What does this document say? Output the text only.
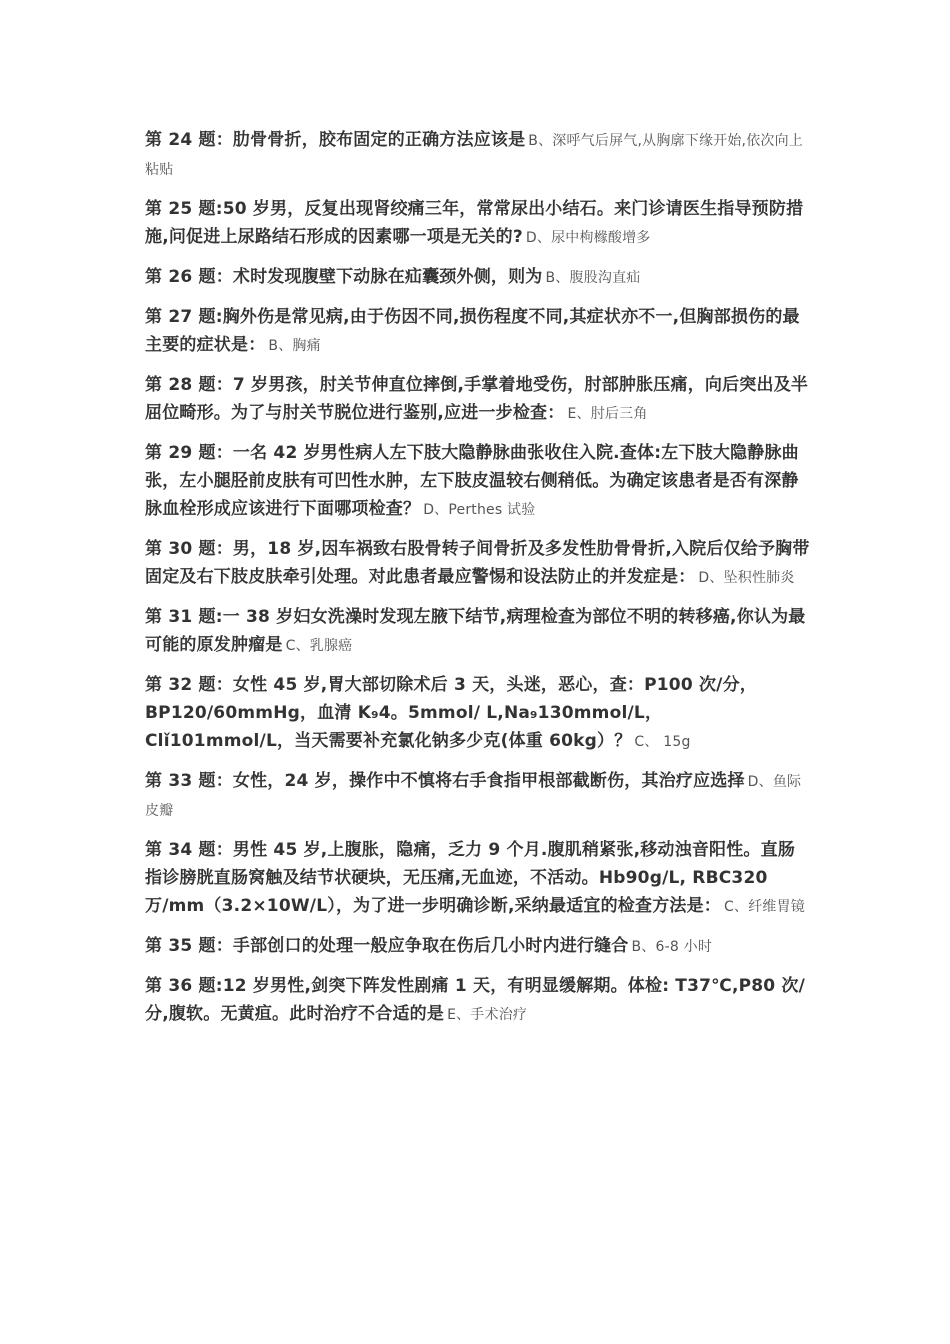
第 24 题：肋骨骨折，胶布固定的正确方法应该是 B、深呼气后屏气,从胸廓下缘开始,依次向上粘贴

第 25 题:50 岁男，反复出现肾绞痛三年，常常尿出小结石。来门诊请医生指导预防措施,问促进上尿路结石形成的因素哪一项是无关的? D、尿中枸橼酸增多

第 26 题：术时发现腹壁下动脉在疝囊颈外侧，则为 B、腹股沟直疝

第 27 题:胸外伤是常见病,由于伤因不同,损伤程度不同,其症状亦不一,但胸部损伤的最主要的症状是： B、胸痛

第 28 题：7 岁男孩，肘关节伸直位摔倒,手掌着地受伤，肘部肿胀压痛，向后突出及半屈位畸形。为了与肘关节脱位进行鉴别,应进一步检查： E、肘后三角

第 29 题：一名 42 岁男性病人左下肢大隐静脉曲张收住入院.查体:左下肢大隐静脉曲张，左小腿胫前皮肤有可凹性水肿，左下肢皮温较右侧稍低。为确定该患者是否有深静脉血栓形成应该进行下面哪项检查？ D、Perthes 试验

第 30 题：男，18 岁,因车祸致右股骨转子间骨折及多发性肋骨骨折,入院后仅给予胸带固定及右下肢皮肤牵引处理。对此患者最应警惕和设法防止的并发症是： D、坠积性肺炎

第 31 题:一 38 岁妇女洗澡时发现左腋下结节,病理检查为部位不明的转移癌,你认为最可能的原发肿瘤是 C、乳腺癌

第 32 题：女性 45 岁,胃大部切除术后 3 天，头迷，恶心，查：P100 次/分，BP120/60mmHg，血清 K₉4。5mmol/ L,Na₉130mmol/L，Clǐ101mmol/L，当天需要补充氯化钠多少克(体重 60kg）？ C、 15g

第 33 题：女性，24 岁，操作中不慎将右手食指甲根部截断伤，其治疗应选择 D、鱼际皮瓣

第 34 题：男性 45 岁,上腹胀，隐痛，乏力 9 个月.腹肌稍紧张,移动浊音阳性。直肠指诊膀胱直肠窝触及结节状硬块，无压痛,无血迹，不活动。Hb90g/L, RBC320 万/mm（3.2×10W/L），为了进一步明确诊断,采纳最适宜的检查方法是： C、纤维胃镜

第 35 题：手部创口的处理一般应争取在伤后几小时内进行缝合 B、6-8 小时

第 36 题:12 岁男性,剑突下阵发性剧痛 1 天，有明显缓解期。体检: T37℃,P80 次/分,腹软。无黄疸。此时治疗不合适的是 E、手术治疗
